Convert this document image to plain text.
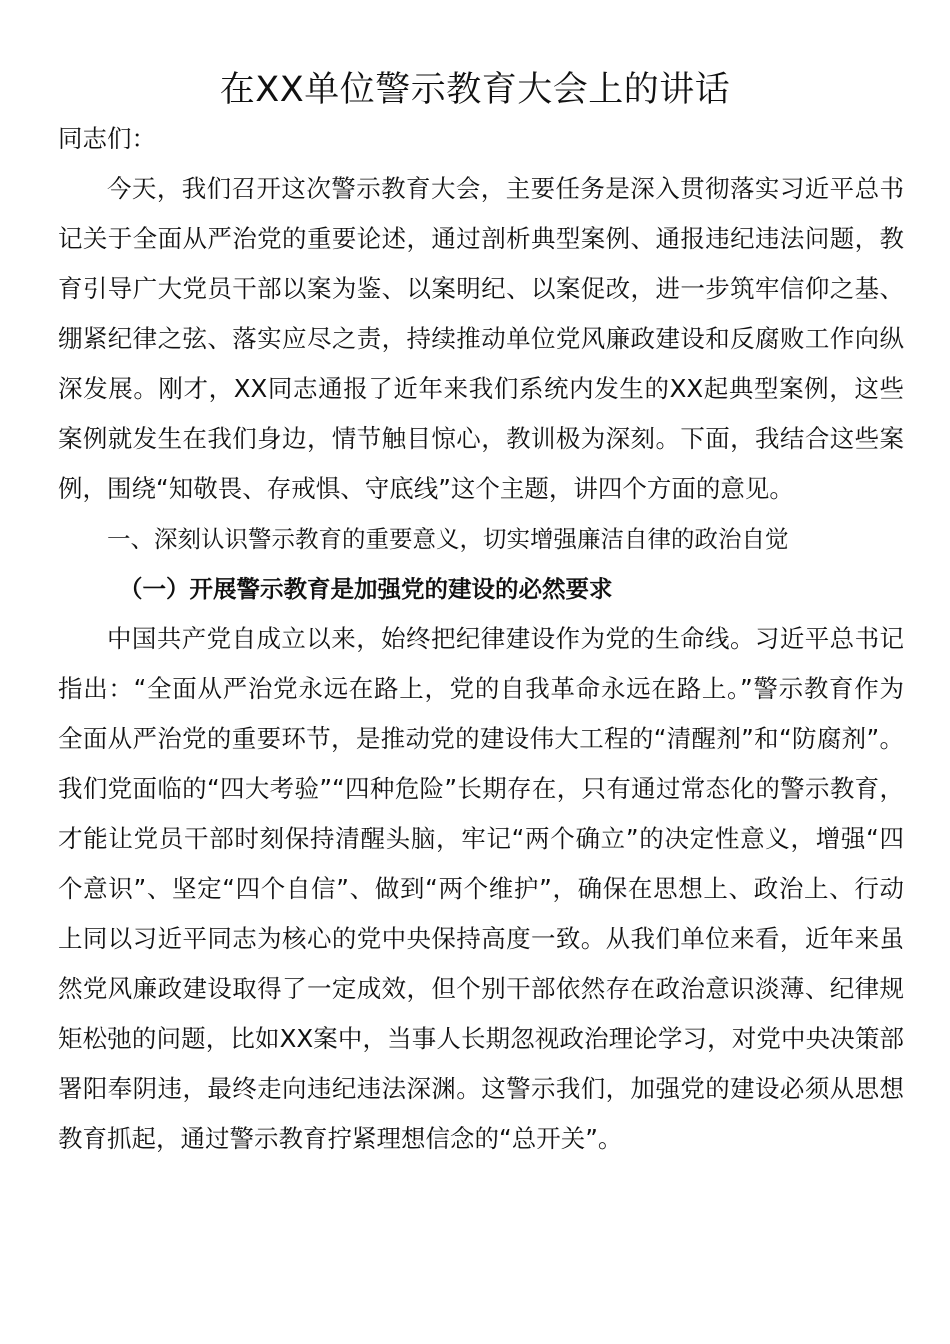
在XX单位警示教育大会上的讲话

同志们：

今天，我们召开这次警示教育大会，主要任务是深入贯彻落实习近平总书记关于全面从严治党的重要论述，通过剖析典型案例、通报违纪违法问题，教育引导广大党员干部以案为鉴、以案明纪、以案促改，进一步筑牢信仰之基、绷紧纪律之弦、落实应尽之责，持续推动单位党风廉政建设和反腐败工作向纵深发展。刚才，XX同志通报了近年来我们系统内发生的XX起典型案例，这些案例就发生在我们身边，情节触目惊心，教训极为深刻。下面，我结合这些案例，围绕“知敬畏、存戒惧、守底线”这个主题，讲四个方面的意见。

一、深刻认识警示教育的重要意义，切实增强廉洁自律的政治自觉

（一）开展警示教育是加强党的建设的必然要求

中国共产党自成立以来，始终把纪律建设作为党的生命线。习近平总书记指出：“全面从严治党永远在路上，党的自我革命永远在路上。”警示教育作为全面从严治党的重要环节，是推动党的建设伟大工程的“清醒剂”和“防腐剂”。我们党面临的“四大考验”“四种危险”长期存在，只有通过常态化的警示教育，才能让党员干部时刻保持清醒头脑，牢记“两个确立”的决定性意义，增强“四个意识”、坚定“四个自信”、做到“两个维护”，确保在思想上、政治上、行动上同以习近平同志为核心的党中央保持高度一致。从我们单位来看，近年来虽然党风廉政建设取得了一定成效，但个别干部依然存在政治意识淡薄、纪律规矩松弛的问题，比如XX案中，当事人长期忽视政治理论学习，对党中央决策部署阳奉阴违，最终走向违纪违法深渊。这警示我们，加强党的建设必须从思想教育抓起，通过警示教育拧紧理想信念的“总开关”。
